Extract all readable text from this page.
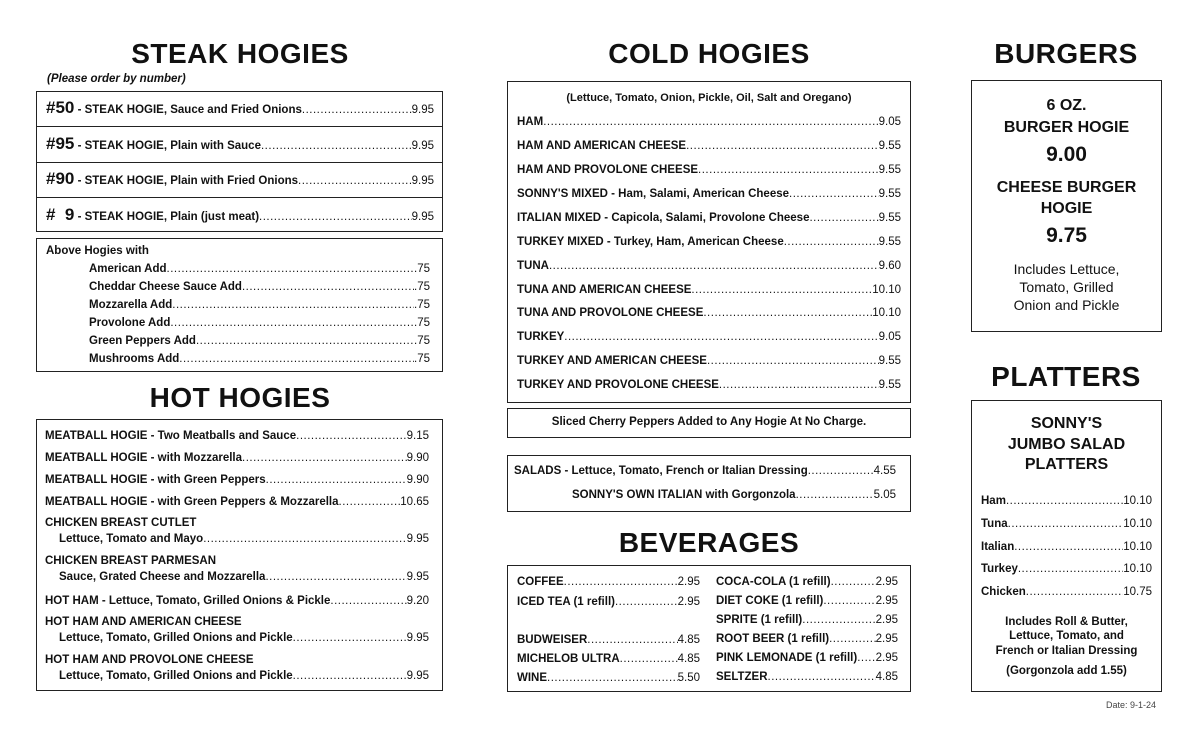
STEAK HOGIES
(Please order by number)
#50
- STEAK HOGIE, Sauce and Fried Onions .....	9.95
#95
- STEAK HOGIE, Plain with Sauce .....	9.95
#90
- STEAK HOGIE, Plain with Fried Onions .....	9.95
#  9
- STEAK HOGIE, Plain (just meat) .....	9.95
Above Hogies with
American Add .....	.75
Cheddar Cheese Sauce Add .....	.75
Mozzarella Add .....	.75
Provolone Add .....	.75
Green Peppers Add .....	.75
Mushrooms Add .....	.75
HOT HOGIES
MEATBALL HOGIE - Two Meatballs and Sauce .....	9.15
MEATBALL HOGIE - with Mozzarella .....	9.90
MEATBALL HOGIE - with Green Peppers .....	9.90
MEATBALL HOGIE - with Green Peppers & Mozzarella .....	10.65
CHICKEN BREAST CUTLET
Lettuce, Tomato and Mayo .....	9.95
CHICKEN BREAST PARMESAN
Sauce, Grated Cheese and Mozzarella .....	9.95
HOT HAM - Lettuce, Tomato, Grilled Onions & Pickle .....	9.20
HOT HAM AND AMERICAN CHEESE
Lettuce, Tomato, Grilled Onions and Pickle .....	9.95
HOT HAM AND PROVOLONE CHEESE
Lettuce, Tomato, Grilled Onions and Pickle .....	9.95
COLD HOGIES
(Lettuce, Tomato, Onion, Pickle, Oil, Salt and Oregano)
HAM .....	9.05
HAM AND AMERICAN CHEESE .....	9.55
HAM AND PROVOLONE CHEESE .....	9.55
SONNY'S MIXED - Ham, Salami, American Cheese .....	9.55
ITALIAN MIXED - Capicola, Salami, Provolone Cheese .....	9.55
TURKEY MIXED - Turkey, Ham, American Cheese .....	9.55
TUNA .....	9.60
TUNA AND AMERICAN CHEESE .....	10.10
TUNA AND PROVOLONE CHEESE .....	10.10
TURKEY .....	9.05
TURKEY AND AMERICAN CHEESE .....	9.55
TURKEY AND PROVOLONE CHEESE .....	9.55
Sliced Cherry Peppers Added to Any Hogie At No Charge.
SALADS - Lettuce, Tomato, French or Italian Dressing .....	4.55
SONNY'S OWN ITALIAN with Gorgonzola .....	5.05
BEVERAGES
COFFEE .....	2.95
ICED TEA (1 refill) .....	2.95
BUDWEISER .....	4.85
MICHELOB ULTRA .....	4.85
WINE .....	5.50
COCA-COLA (1 refill) .....	2.95
DIET COKE (1 refill) .....	2.95
SPRITE (1 refill) .....	2.95
ROOT BEER (1 refill) .....	2.95
PINK LEMONADE (1 refill) ..... 2.95
SELTZER .....	4.85
BURGERS
6 OZ.
BURGER HOGIE
9.00
CHEESE BURGER
HOGIE
9.75
Includes Lettuce,
Tomato, Grilled
Onion and Pickle
PLATTERS
SONNY'S
JUMBO SALAD
PLATTERS
Ham .....	10.10
Tuna .....	10.10
Italian .....	10.10
Turkey .....	10.10
Chicken .....	10.75
Includes Roll & Butter,
Lettuce, Tomato, and
French or Italian Dressing
(Gorgonzola add 1.55)
Date: 9-1-24
